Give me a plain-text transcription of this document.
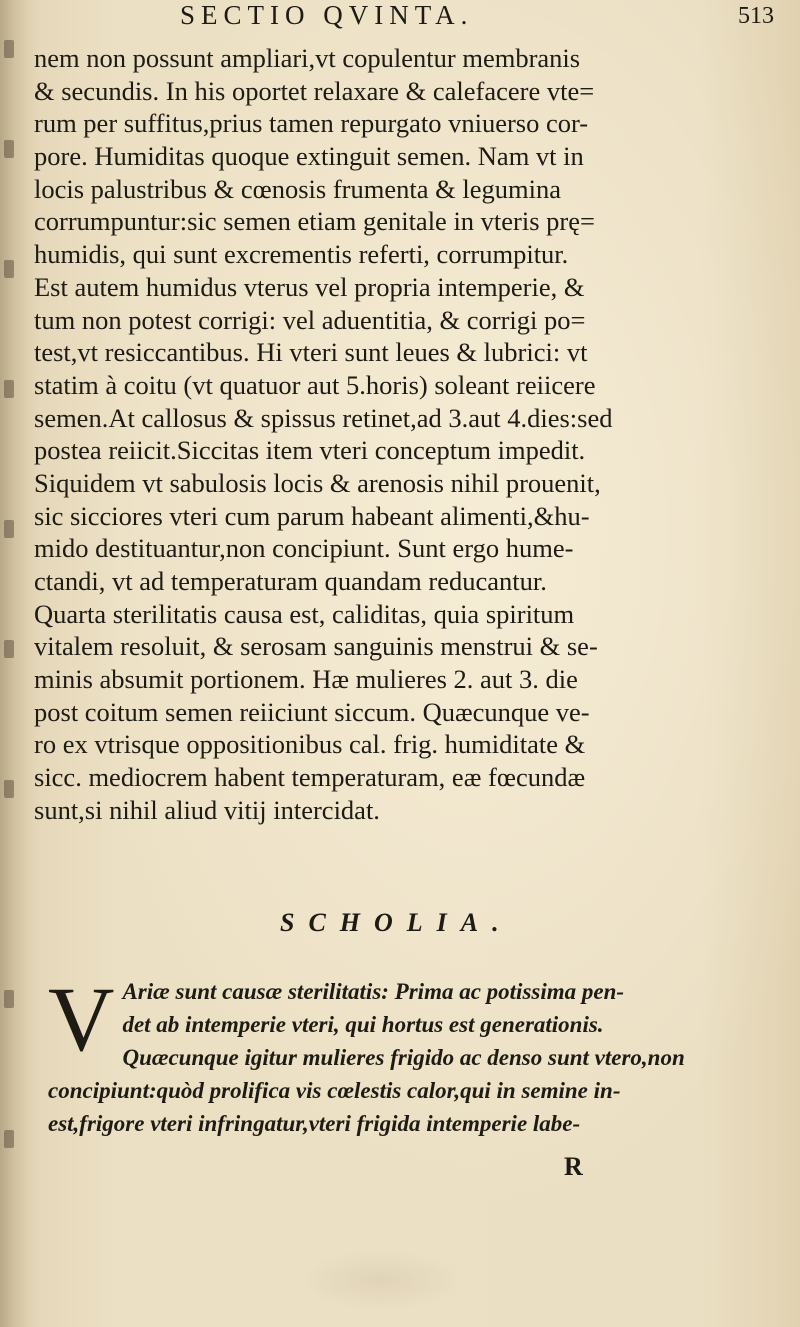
SECTIO QVINTA.	513
nem non possunt ampliari,vt copulentur membranis
& secundis. In his oportet relaxare & calefacere vte=
rum per suffitus,prius tamen repurgato vniuerso cor-
pore. Humiditas quoque extinguit semen. Nam vt in
locis palustribus & cœnosis frumenta & legumina
corrumpuntur:sic semen etiam genitale in vteris prę=
humidis, qui sunt excrementis referti, corrumpitur.
Est autem humidus vterus vel propria intemperie, &
tum non potest corrigi: vel aduentitia, & corrigi po=
test,vt resiccantibus. Hi vteri sunt leues & lubrici: vt
statim à coitu (vt quatuor aut 5.horis) soleant reiicere
semen.At callosus & spissus retinet,ad 3.aut 4.dies:sed
postea reiicit.Siccitas item vteri conceptum impedit.
Siquidem vt sabulosis locis & arenosis nihil prouenit,
sic sicciores vteri cum parum habeant alimenti,&hu-
mido destituantur,non concipiunt. Sunt ergo hume-
ctandi, vt ad temperaturam quandam reducantur.
Quarta sterilitatis causa est, caliditas, quia spiritum
vitalem resoluit, & serosam sanguinis menstrui & se-
minis absumit portionem. Hæ mulieres 2. aut 3. die
post coitum semen reiiciunt siccum. Quæcunque ve-
ro ex vtrisque oppositionibus cal. frig. humiditate &
sicc. mediocrem habent temperaturam, eæ fœcundæ
sunt,si nihil aliud vitij intercidat.
SCHOLIA.
V Ariæ sunt causæ sterilitatis: Prima ac potissima pen-
det ab intemperie vteri, qui hortus est generationis.
Quæcunque igitur mulieres frigido ac denso sunt vtero,non
concipiunt:quòd prolifica vis cœlestis calor,qui in semine in-
est,frigore vteri infringatur,vteri frigida intemperie labe-
R
